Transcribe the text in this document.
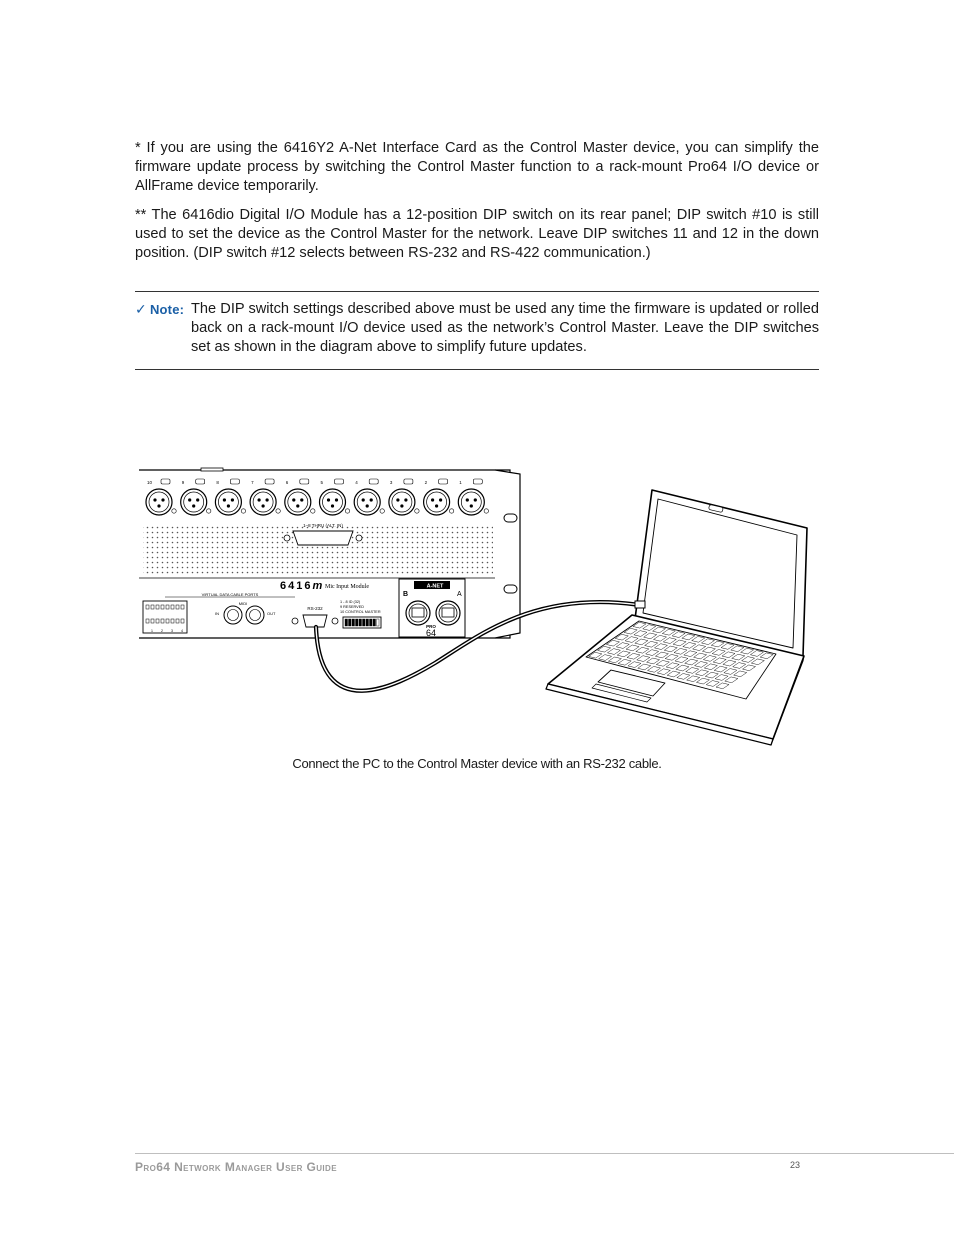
* If you are using the 6416Y2 A-Net Interface Card as the Control Master device, you can simplify the firmware update process by switching the Control Master function to a rack-mount Pro64 I/O device or AllFrame device temporarily.

** The 6416dio Digital I/O Module has a 12-position DIP switch on its rear panel; DIP switch #10 is still used to set the device as the Control Master for the network. Leave DIP switches 11 and 12 in the down position. (DIP switch #12 selects between RS-232 and RS-422 communication.)

✓ Note: The DIP switch settings described above must be used any time the firmware is updated or rolled back on a rack-mount I/O device used as the network’s Control Master. Leave the DIP switches set as shown in the diagram above to simplify future updates.
10	9	8	7	6	5	4	3	2	1
1–8 THRU (ALT. IN)
6416m Mic Input Module
VIRTUAL DATA CABLE PORTS
1 2 3 4
MIDI
IN	OUT
RS-232
1 - 8 ID (32)
9 RESERVED
10 CONTROL MASTER
A-NET
B	A
PRO
64
Connect the PC to the Control Master device with an RS-232 cable.
Pro64 Network Manager User Guide	23
